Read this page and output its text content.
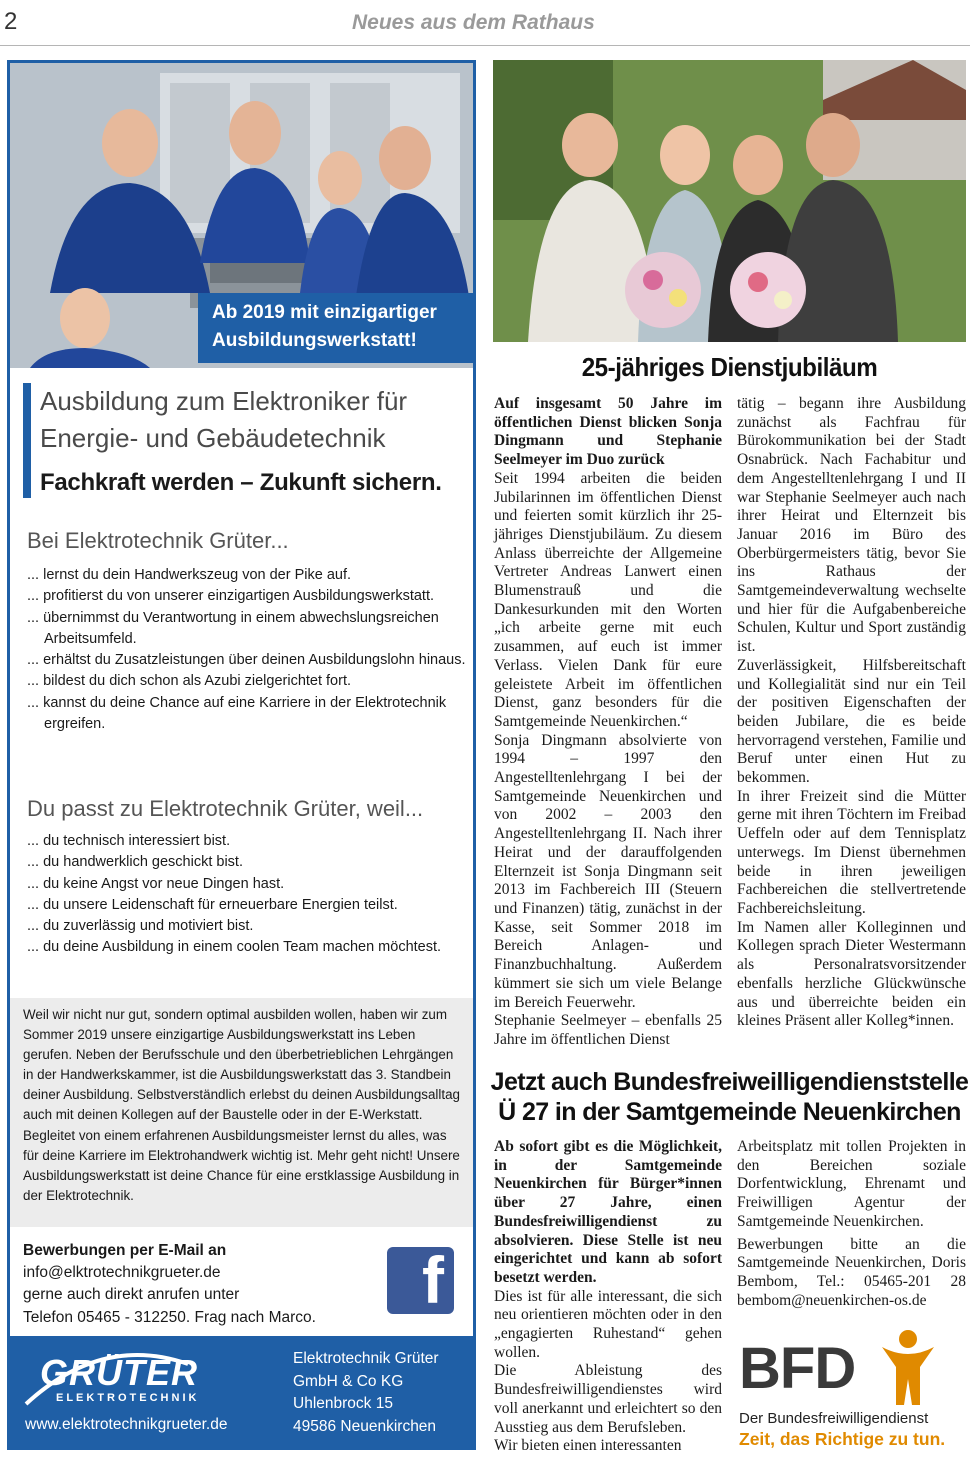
2	Neues aus dem Rathaus
Ab 2019 mit einzigartiger
Ausbildungswerkstatt!
Ausbildung zum Elektroniker für
Energie- und Gebäudetechnik
Fachkraft werden – Zukunft sichern.
Bei Elektrotechnik Grüter...
... lernst du dein Handwerkszeug von der Pike auf.
... profitierst du von unserer einzigartigen Ausbildungswerkstatt.
... übernimmst du Verantwortung in einem abwechslungsreichen Arbeitsumfeld.
... erhältst du Zusatzleistungen über deinen Ausbildungslohn hinaus.
... bildest du dich schon als Azubi zielgerichtet fort.
... kannst du deine Chance auf eine Karriere in der Elektrotechnik ergreifen.
Du passt zu Elektrotechnik Grüter, weil...
... du technisch interessiert bist.
... du handwerklich geschickt bist.
... du keine Angst vor neue Dingen hast.
... du unsere Leidenschaft für erneuerbare Energien teilst.
... du zuverlässig und motiviert bist.
... du deine Ausbildung in einem coolen Team machen möchtest.
Weil wir nicht nur gut, sondern optimal ausbilden wollen, haben wir zum Sommer 2019 unsere einzigartige Ausbildungswerkstatt ins Leben gerufen. Neben der Berufsschule und den überbetrieblichen Lehrgängen in der Handwerkskammer, ist die Ausbildungswerkstatt das 3. Standbein deiner Ausbildung. Selbstverständlich erlebst du deinen Ausbildungsalltag auch mit deinen Kollegen auf der Baustelle oder in der E-Werkstatt. Begleitet von einem erfahrenen Ausbildungsmeister lernst du alles, was für deine Karriere im Elektrohandwerk wichtig ist. Mehr geht nicht! Unsere Ausbildungswerkstatt ist deine Chance für eine erstklassige Ausbildung in der Elektrotechnik.
Bewerbungen per E-Mail an
info@elktrotechnikgrueter.de
gerne auch direkt anrufen unter
Telefon 05465 - 312250. Frag nach Marco.
f
GRÜTER
ELEKTROTECHNIK
www.elektrotechnikgrueter.de
Elektrotechnik Grüter
GmbH & Co KG
Uhlenbrock 15
49586 Neuenkirchen
25-jähriges Dienstjubiläum

Auf insgesamt 50 Jahre im öffentlichen Dienst blicken Sonja Dingmann und Stephanie Seelmeyer im Duo zurück

Seit 1994 arbeiten die beiden Jubilarinnen im öffentlichen Dienst und feierten somit kürzlich ihr 25-jähriges Dienstjubiläum. Zu diesem Anlass überreichte der Allgemeine Vertreter Andreas Lanwert einen Blumenstrauß und die Dankesurkunden mit den Worten „ich arbeite gerne mit euch zusammen, auf euch ist immer Verlass. Vielen Dank für eure geleistete Arbeit im öffentlichen Dienst, ganz besonders für die Samtgemeinde Neuenkirchen.“

Sonja Dingmann absolvierte von 1994 – 1997 den Angestelltenlehrgang I bei der Samtgemeinde Neuenkirchen und von 2002 – 2003 den Angestelltenlehrgang II. Nach ihrer Heirat und der darauffolgenden Elternzeit ist Sonja Dingmann seit 2013 im Fachbereich III (Steuern und Finanzen) tätig, zunächst in der Kasse, seit Sommer 2018 im Bereich Anlagen- und Finanzbuchhaltung. Außerdem kümmert sie sich um viele Belange im Bereich Feuerwehr.

Stephanie Seelmeyer – ebenfalls 25 Jahre im öffentlichen Dienst

tätig – begann ihre Ausbildung zunächst als Fachfrau für Bürokommunikation bei der Stadt Osnabrück. Nach Fachabitur und dem Angestelltenlehrgang I und II war Stephanie Seelmeyer auch nach ihrer Heirat und Elternzeit bis Januar 2016 im Büro des Oberbürgermeisters tätig, bevor Sie ins Rathaus der Samtgemeindeverwaltung wechselte und hier für die Aufgabenbereiche Schulen, Kultur und Sport zuständig ist.

Zuverlässigkeit, Hilfsbereitschaft und Kollegialität sind nur ein Teil der positiven Eigenschaften der beiden Jubilare, die es beide hervorragend verstehen, Familie und Beruf unter einen Hut zu bekommen.

In ihrer Freizeit sind die Mütter gerne mit ihren Töchtern im Freibad Ueffeln oder auf dem Tennisplatz unterwegs. Im Dienst übernehmen beide in ihren jeweiligen Fachbereichen die stellvertretende Fachbereichsleitung.

Im Namen aller Kolleginnen und Kollegen sprach Dieter Westermann als Personalratsvorsitzender ebenfalls herzliche Glückwünsche aus und überreichte beiden ein kleines Präsent aller Kolleg*innen.

Jetzt auch Bundesfreiweilligendienststelle
Ü 27 in der Samtgemeinde Neuenkirchen

Ab sofort gibt es die Möglichkeit, in der Samtgemeinde Neuenkirchen für Bürger*innen über 27 Jahre, einen Bundesfreiwilligendienst zu absolvieren. Diese Stelle ist neu eingerichtet und kann ab sofort besetzt werden.

Dies ist für alle interessant, die sich neu orientieren möchten oder in den „engagierten Ruhestand“ gehen wollen.

Die Ableistung des Bundesfreiwilligendienstes wird voll anerkannt und erleichtert so den Ausstieg aus dem Berufsleben.

Wir bieten einen interessanten

Arbeitsplatz mit tollen Projekten in den Bereichen soziale Dorfentwicklung, Ehrenamt und Freiwilligen Agentur der Samtgemeinde Neuenkirchen.

Bewerbungen bitte an die Samtgemeinde Neuenkirchen, Doris Bembom, Tel.: 05465-201 28 bembom@neuenkirchen-os.de

BFD
Der Bundesfreiwilligendienst
Zeit, das Richtige zu tun.
